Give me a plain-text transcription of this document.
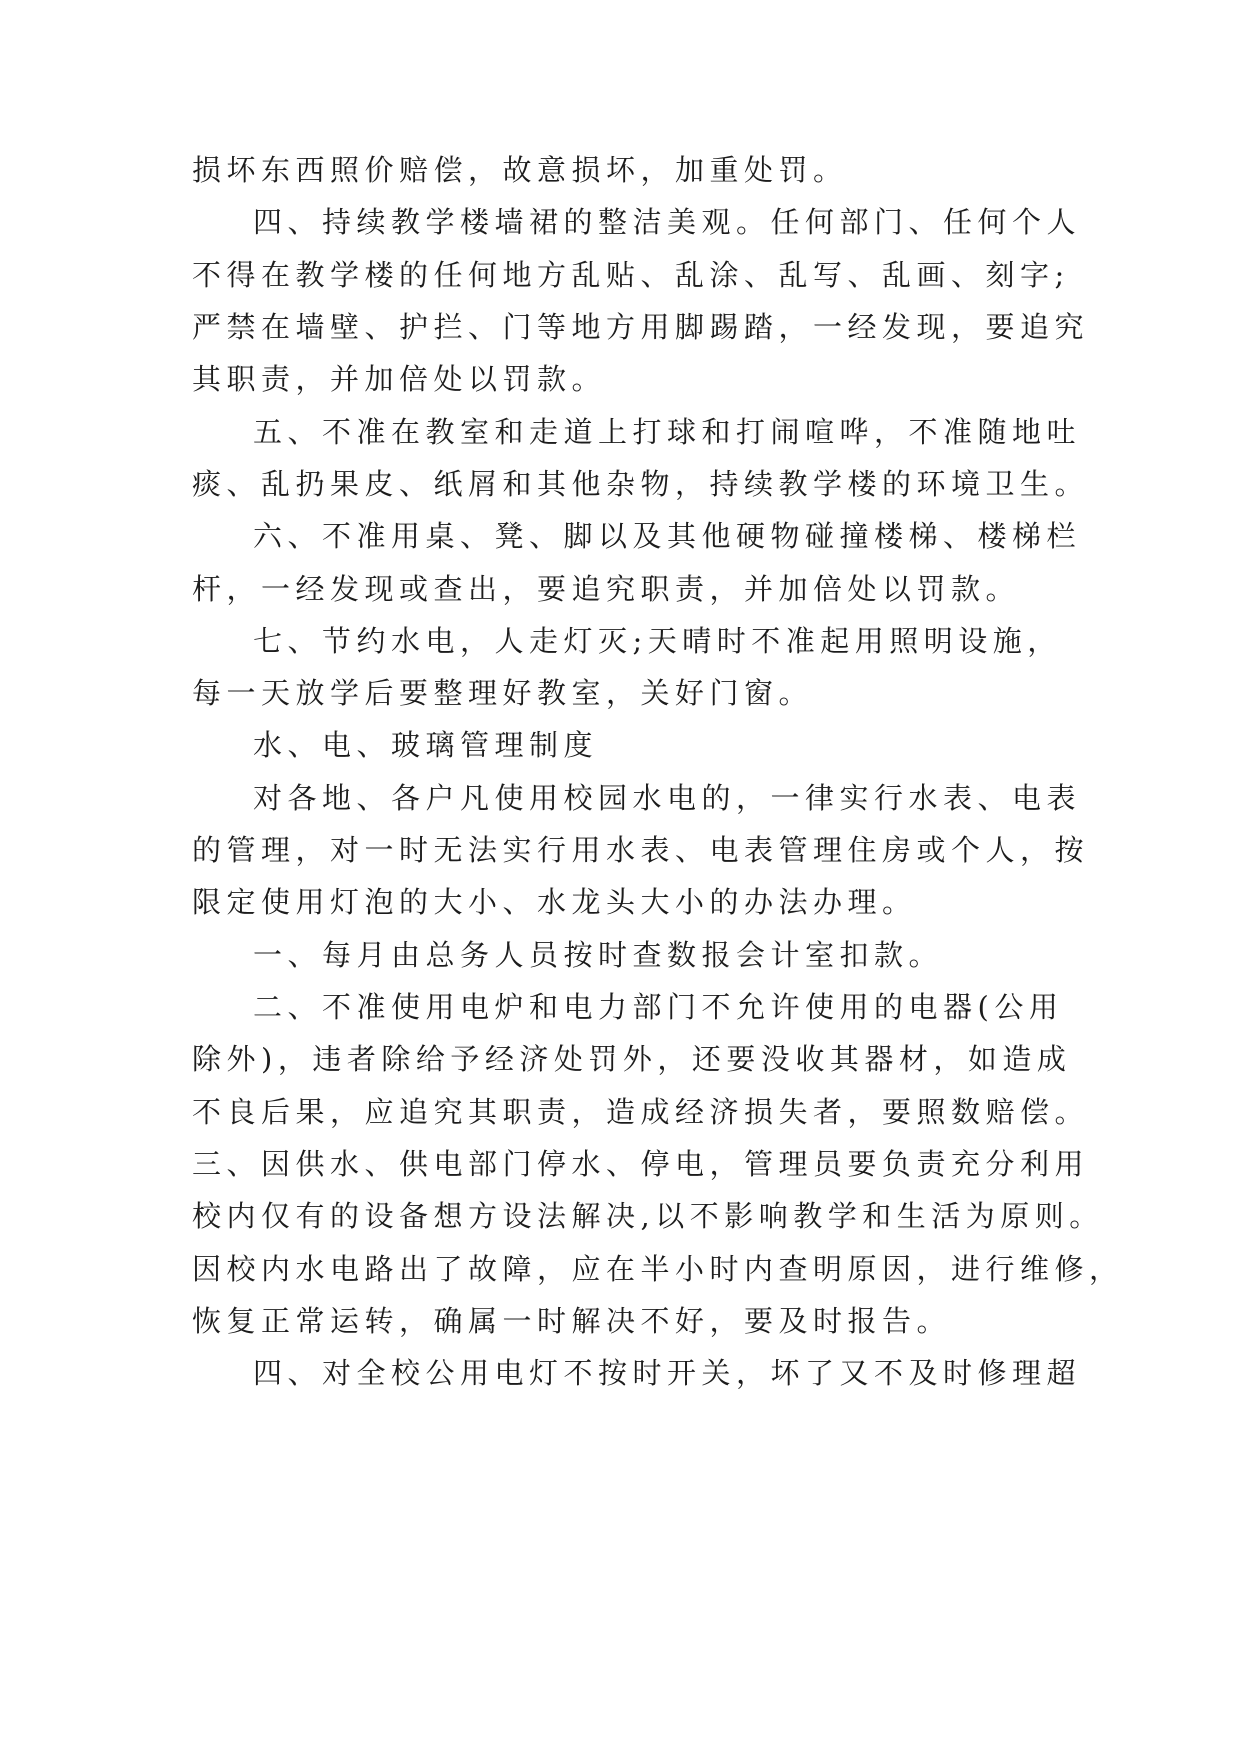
损坏东西照价赔偿，故意损坏，加重处罚。
四、持续教学楼墙裙的整洁美观。任何部门、任何个人
不得在教学楼的任何地方乱贴、乱涂、乱写、乱画、刻字;
严禁在墙壁、护拦、门等地方用脚踢踏，一经发现，要追究
其职责，并加倍处以罚款。
五、不准在教室和走道上打球和打闹喧哗，不准随地吐
痰、乱扔果皮、纸屑和其他杂物，持续教学楼的环境卫生。
六、不准用桌、凳、脚以及其他硬物碰撞楼梯、楼梯栏
杆，一经发现或查出，要追究职责，并加倍处以罚款。
七、节约水电，人走灯灭;天晴时不准起用照明设施，
每一天放学后要整理好教室，关好门窗。
水、电、玻璃管理制度
对各地、各户凡使用校园水电的，一律实行水表、电表
的管理，对一时无法实行用水表、电表管理住房或个人，按
限定使用灯泡的大小、水龙头大小的办法办理。
一、每月由总务人员按时查数报会计室扣款。
二、不准使用电炉和电力部门不允许使用的电器(公用
除外)，违者除给予经济处罚外，还要没收其器材，如造成
不良后果，应追究其职责，造成经济损失者，要照数赔偿。
三、因供水、供电部门停水、停电，管理员要负责充分利用
校内仅有的设备想方设法解决,以不影响教学和生活为原则。
因校内水电路出了故障，应在半小时内查明原因，进行维修，
恢复正常运转，确属一时解决不好，要及时报告。
四、对全校公用电灯不按时开关，坏了又不及时修理超
